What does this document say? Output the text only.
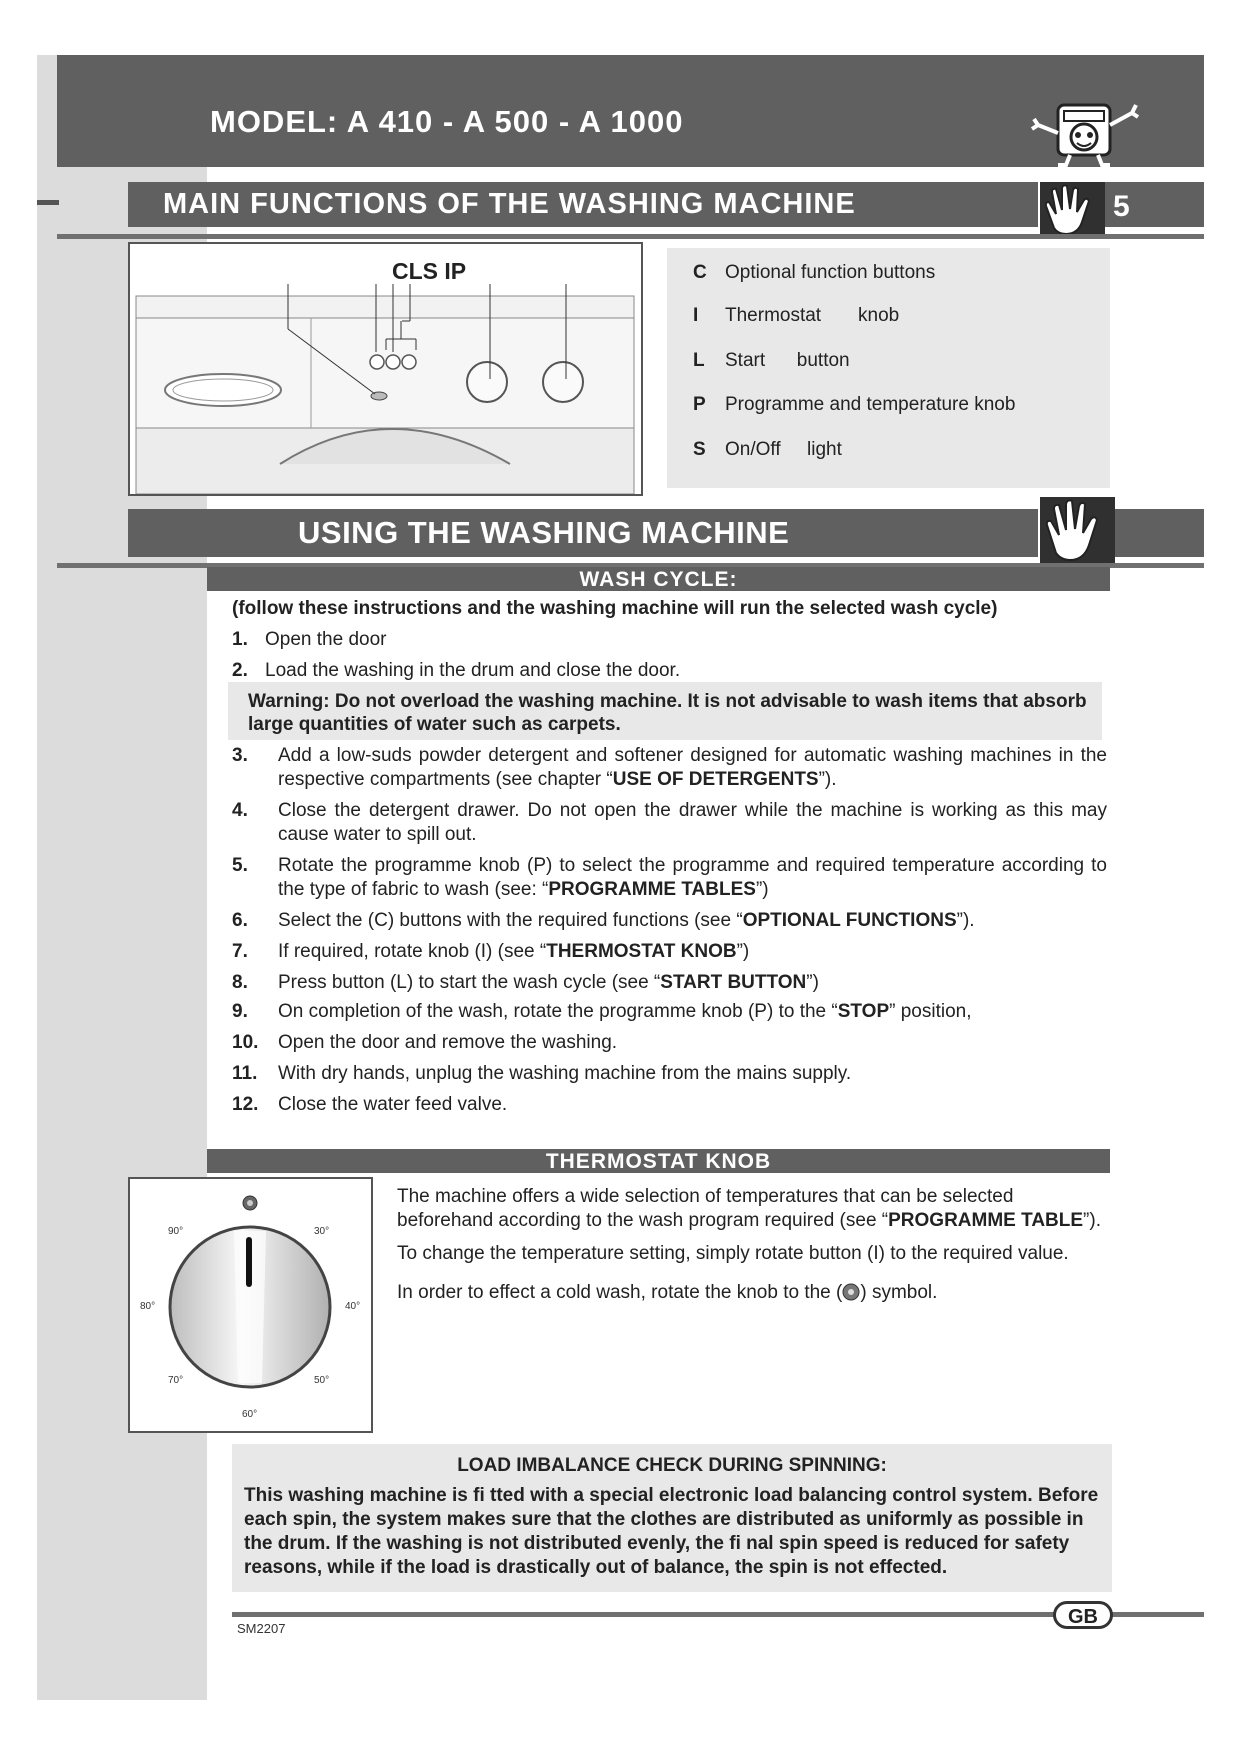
MODEL: A 410 - A 500 - A 1000
MAIN FUNCTIONS OF THE WASHING MACHINE	5
CLS IP	C Optional function buttons
I Thermostat       knob
L Start      button
P Programme and temperature knob
S On/Off     light
USING THE WASHING MACHINE
WASH CYCLE:
(follow these instructions and the washing machine will run the selected wash cycle)
1. Open the door
2. Load the washing in the drum and close the door.
Warning: Do not overload the washing machine. It is not advisable to wash items that absorb large quantities of water such as carpets.
3. Add a low-suds powder detergent and softener designed for automatic washing machines in the respective compartments (see chapter “USE OF DETERGENTS”).
4. Close the detergent drawer. Do not open the drawer while the machine is working as this may cause water to spill out.
5. Rotate the programme knob (P) to select the programme and required temperature according to the type of fabric to wash (see: “PROGRAMME TABLES”)
6. Select the (C) buttons with the required functions (see “OPTIONAL FUNCTIONS”).
7. If required, rotate knob (I) (see “THERMOSTAT KNOB”)
8. Press button (L) to start the wash cycle (see “START BUTTON”)
9. On completion of the wash, rotate the programme knob (P) to the “STOP” position,
10. Open the door and remove the washing.
11. With dry hands, unplug the washing machine from the mains supply.
12. Close the water feed valve.
THERMOSTAT KNOB
90°	30°
80°	40°
70°	50°
60°
The machine offers a wide selection of temperatures that can be selected beforehand according to the wash program required (see “PROGRAMME TABLE”).
To change the temperature setting, simply rotate button (I) to the required value.
In order to effect a cold wash, rotate the knob to the ( ) symbol.
LOAD IMBALANCE CHECK DURING SPINNING:
This washing machine is fi tted with a special electronic load balancing control system. Before each spin, the system makes sure that the clothes are distributed as uniformly as possible in the drum. If the washing is not distributed evenly, the fi nal spin speed is reduced for safety reasons, while if the load is drastically out of balance, the spin is not effected.
GB
SM2207
